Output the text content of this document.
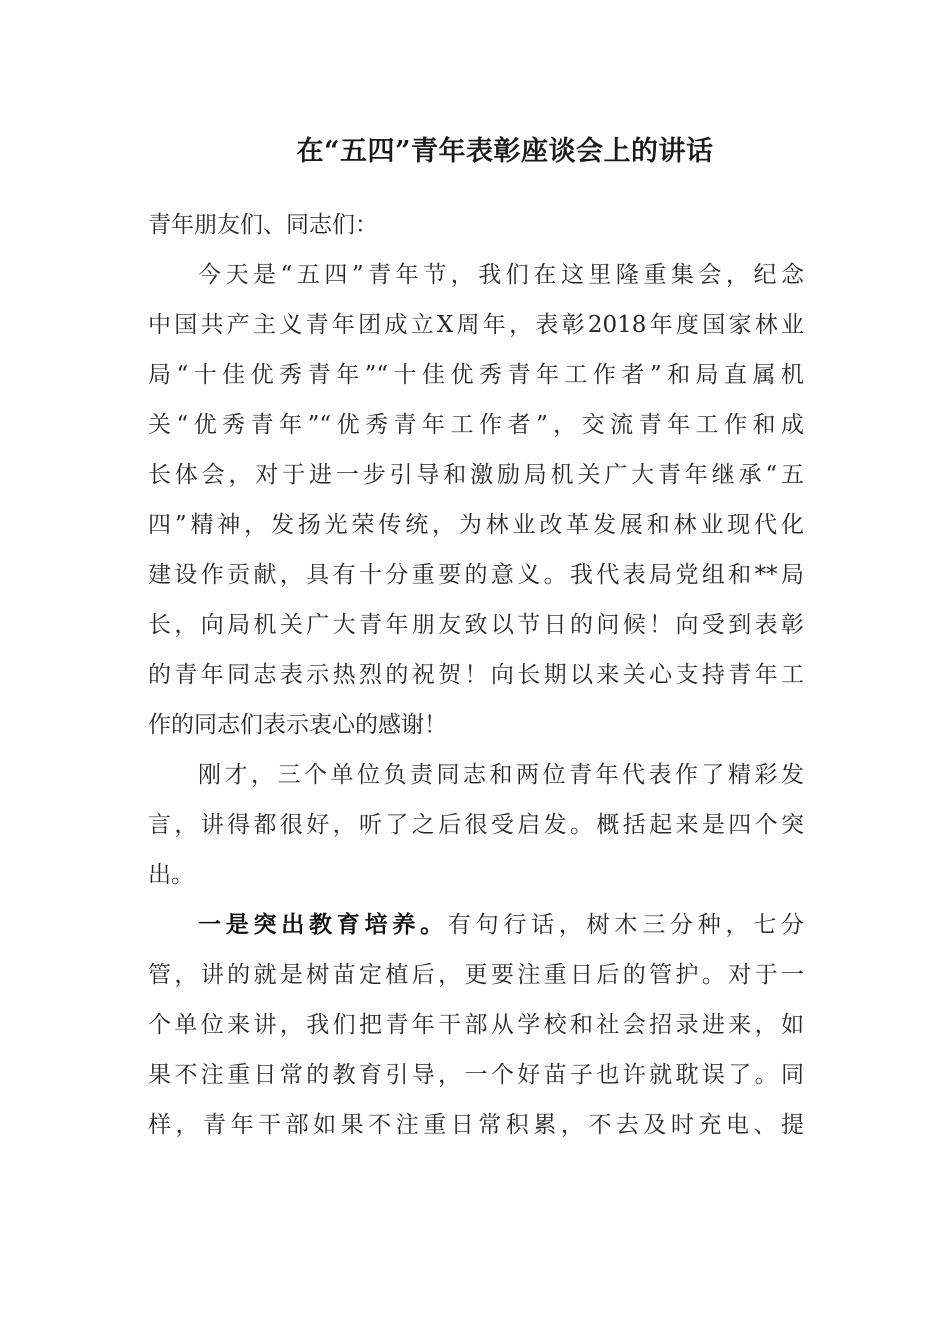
在“五四”青年表彰座谈会上的讲话
青年朋友们、同志们：
今天是“五四”青年节，我们在这里隆重集会，纪念
中国共产主义青年团成立X周年，表彰2018年度国家林业
局“十佳优秀青年”“十佳优秀青年工作者”和局直属机
关“优秀青年”“优秀青年工作者”，交流青年工作和成
长体会，对于进一步引导和激励局机关广大青年继承“五
四”精神，发扬光荣传统，为林业改革发展和林业现代化
建设作贡献，具有十分重要的意义。我代表局党组和**局
长，向局机关广大青年朋友致以节日的问候！向受到表彰
的青年同志表示热烈的祝贺！向长期以来关心支持青年工
作的同志们表示衷心的感谢！
刚才，三个单位负责同志和两位青年代表作了精彩发
言，讲得都很好，听了之后很受启发。概括起来是四个突
出。
一是突出教育培养。有句行话，树木三分种，七分
管，讲的就是树苗定植后，更要注重日后的管护。对于一
个单位来讲，我们把青年干部从学校和社会招录进来，如
果不注重日常的教育引导，一个好苗子也许就耽误了。同
样，青年干部如果不注重日常积累，不去及时充电、提
